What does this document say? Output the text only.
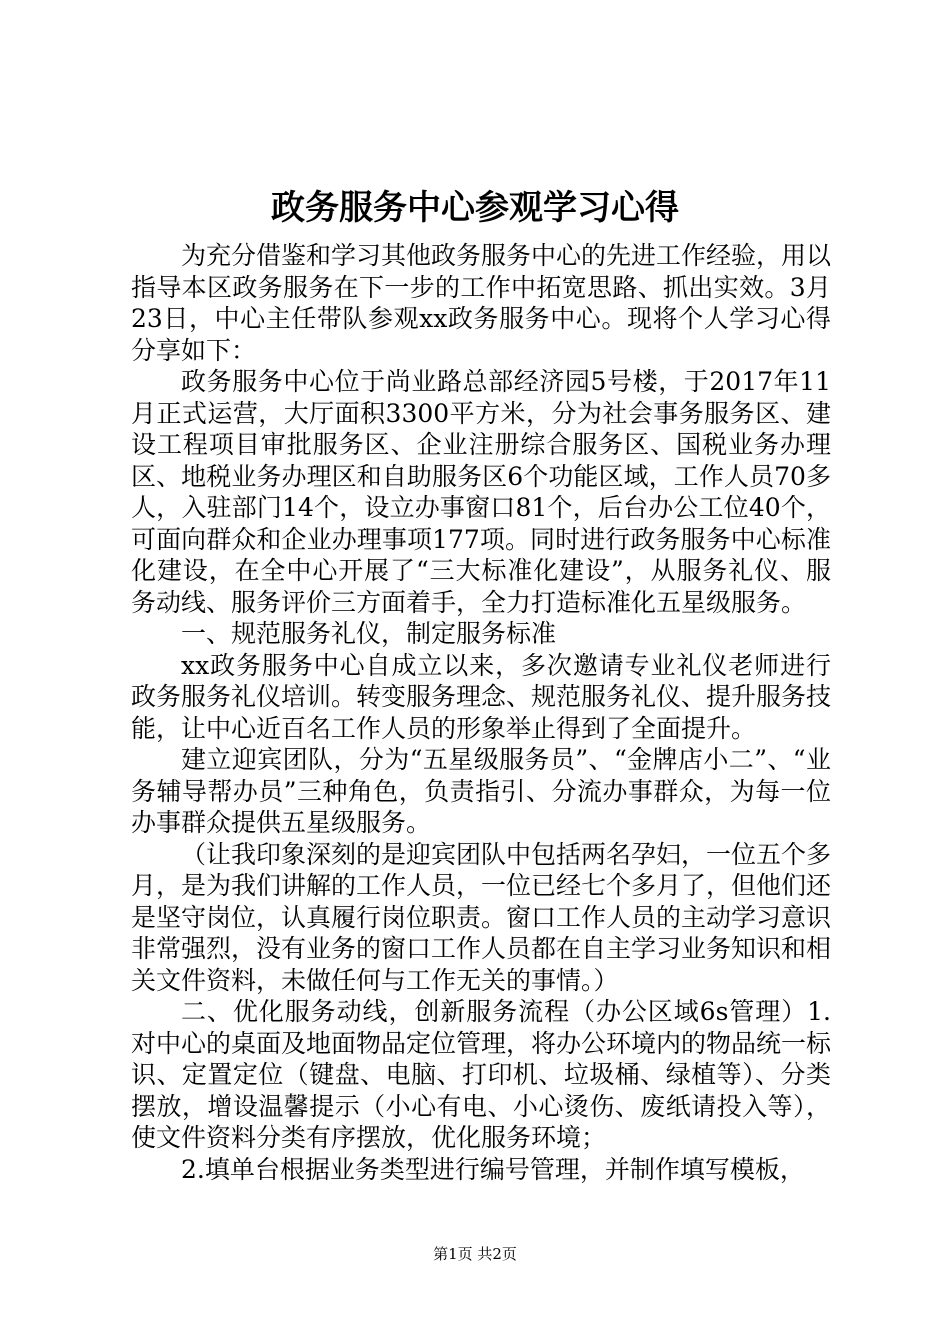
政务服务中心参观学习心得

为充分借鉴和学习其他政务服务中心的先进工作经验，用以指导本区政务服务在下一步的工作中拓宽思路、抓出实效。3月23日，中心主任带队参观xx政务服务中心。现将个人学习心得分享如下：

政务服务中心位于尚业路总部经济园5号楼，于2017年11月正式运营，大厅面积3300平方米，分为社会事务服务区、建设工程项目审批服务区、企业注册综合服务区、国税业务办理区、地税业务办理区和自助服务区6个功能区域，工作人员70多人，入驻部门14个，设立办事窗口81个，后台办公工位40个，可面向群众和企业办理事项177项。同时进行政务服务中心标准化建设，在全中心开展了“三大标准化建设”，从服务礼仪、服务动线、服务评价三方面着手，全力打造标准化五星级服务。

一、规范服务礼仪，制定服务标准

xx政务服务中心自成立以来，多次邀请专业礼仪老师进行政务服务礼仪培训。转变服务理念、规范服务礼仪、提升服务技能，让中心近百名工作人员的形象举止得到了全面提升。

建立迎宾团队，分为“五星级服务员”、“金牌店小二”、“业务辅导帮办员”三种角色，负责指引、分流办事群众，为每一位办事群众提供五星级服务。

（让我印象深刻的是迎宾团队中包括两名孕妇，一位五个多月，是为我们讲解的工作人员，一位已经七个多月了，但他们还是坚守岗位，认真履行岗位职责。窗口工作人员的主动学习意识非常强烈，没有业务的窗口工作人员都在自主学习业务知识和相关文件资料，未做任何与工作无关的事情。）

二、优化服务动线，创新服务流程（办公区域6s管理）1.对中心的桌面及地面物品定位管理，将办公环境内的物品统一标识、定置定位（键盘、电脑、打印机、垃圾桶、绿植等）、分类摆放，增设温馨提示（小心有电、小心烫伤、废纸请投入等），使文件资料分类有序摆放，优化服务环境；

2.填单台根据业务类型进行编号管理，并制作填写模板，

第1页 共2页
